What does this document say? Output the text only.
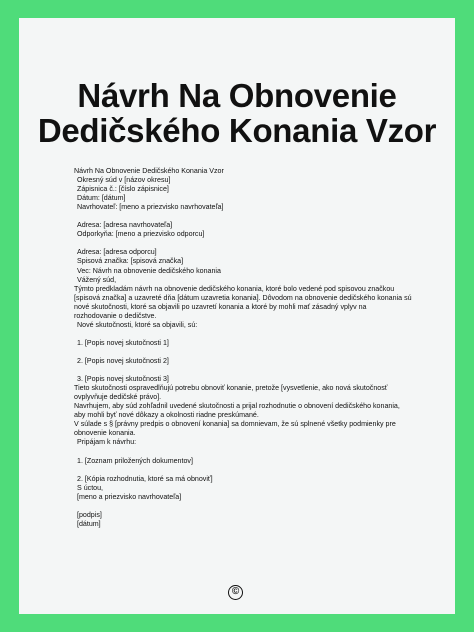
Návrh Na Obnovenie
Dedičského Konania Vzor
Návrh Na Obnovenie Dedičského Konania Vzor
Okresný súd v [názov okresu]
Zápisnica č.: [číslo zápisnice]
Dátum: [dátum]
Navrhovateľ: [meno a priezvisko navrhovateľa]
Adresa: [adresa navrhovateľa]
Odporkyňa: [meno a priezvisko odporcu]
Adresa: [adresa odporcu]
Spisová značka: [spisová značka]
Vec: Návrh na obnovenie dedičského konania
Vážený súd,
Týmto predkladám návrh na obnovenie dedičského konania, ktoré bolo vedené pod spisovou značkou
[spisová značka] a uzavreté dňa [dátum uzavretia konania]. Dôvodom na obnovenie dedičského konania sú
nové skutočnosti, ktoré sa objavili po uzavretí konania a ktoré by mohli mať zásadný vplyv na
rozhodovanie o dedičstve.
Nové skutočnosti, ktoré sa objavili, sú:
1. [Popis novej skutočnosti 1]
2. [Popis novej skutočnosti 2]
3. [Popis novej skutočnosti 3]
Tieto skutočnosti ospravedlňujú potrebu obnoviť konanie, pretože [vysvetlenie, ako nová skutočnosť
ovplyvňuje dedičské právo].
Navrhujem, aby súd zohľadnil uvedené skutočnosti a prijal rozhodnutie o obnovení dedičského konania,
aby mohli byť nové dôkazy a okolnosti riadne preskúmané.
V súlade s § [právny predpis o obnovení konania] sa domnievam, že sú splnené všetky podmienky pre
obnovenie konania.
Pripájam k návrhu:
1. [Zoznam priložených dokumentov]
2. [Kópia rozhodnutia, ktoré sa má obnoviť]
S úctou,
[meno a priezvisko navrhovateľa]
[podpis]
[dátum]
©
